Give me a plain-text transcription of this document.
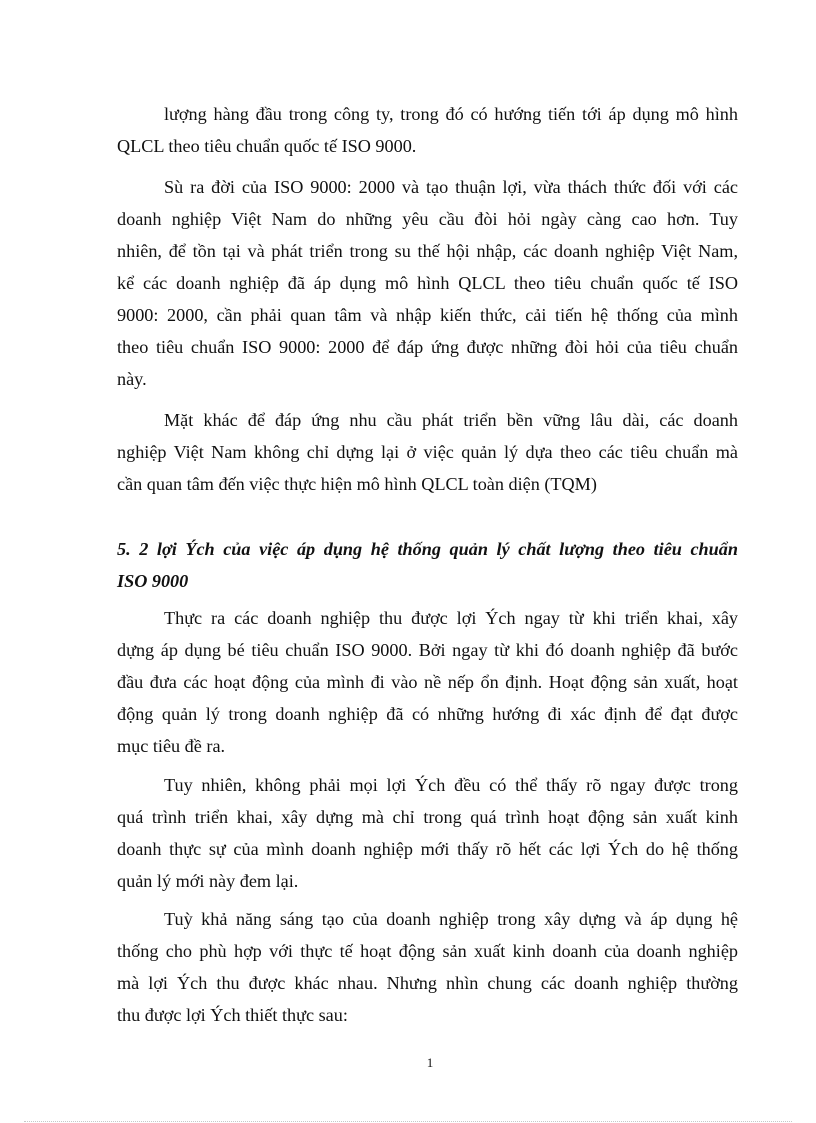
lượng hàng đầu trong công ty, trong đó có hướng tiến tới áp dụng mô hình
QLCL theo tiêu chuẩn quốc tế ISO 9000.
Sù ra đời của ISO 9000: 2000 và tạo thuận lợi, vừa thách thức đối với các
doanh nghiệp Việt Nam do những yêu cầu đòi hỏi ngày càng cao hơn. Tuy
nhiên, để tồn tại và phát triển trong su thế hội nhập, các doanh nghiệp Việt Nam,
kể các doanh nghiệp đã áp dụng mô hình QLCL theo tiêu chuẩn quốc tế ISO
9000: 2000, cần phải quan tâm và nhập kiến thức, cải tiến hệ thống của mình
theo tiêu chuẩn ISO 9000: 2000 để đáp ứng được những đòi hỏi của tiêu chuẩn
này.
Mặt khác để đáp ứng nhu cầu phát triển bền vững lâu dài, các doanh
nghiệp Việt Nam không chỉ dựng lại ở việc quản lý dựa theo các tiêu chuẩn mà
cần quan tâm đến việc thực hiện mô hình QLCL toàn diện (TQM)
5. 2 lợi Ých của việc áp dụng hệ thống quản lý chất lượng theo tiêu chuẩn
ISO 9000
Thực ra các doanh nghiệp thu được lợi Ých ngay từ khi triển khai, xây
dựng áp dụng bé tiêu chuẩn ISO 9000. Bởi ngay từ khi đó doanh nghiệp đã bước
đầu đưa các hoạt động của mình đi vào nề nếp ổn định. Hoạt động sản xuất, hoạt
động quản lý trong doanh nghiệp đã có những hướng đi xác định để đạt được
mục tiêu đề ra.
Tuy nhiên, không phải mọi lợi Ých đều có thể thấy rõ ngay được trong
quá trình triển khai, xây dựng mà chỉ trong quá trình hoạt động sản xuất kinh
doanh thực sự của mình doanh nghiệp mới thấy rõ hết các lợi Ých do hệ thống
quản lý mới này đem lại.
Tuỳ khả năng sáng tạo của doanh nghiệp trong xây dựng và áp dụng hệ
thống cho phù hợp với thực tế hoạt động sản xuất kinh doanh của doanh nghiệp
mà lợi Ých thu được khác nhau. Nhưng nhìn chung các doanh nghiệp thường
thu được lợi Ých thiết thực sau:
1
